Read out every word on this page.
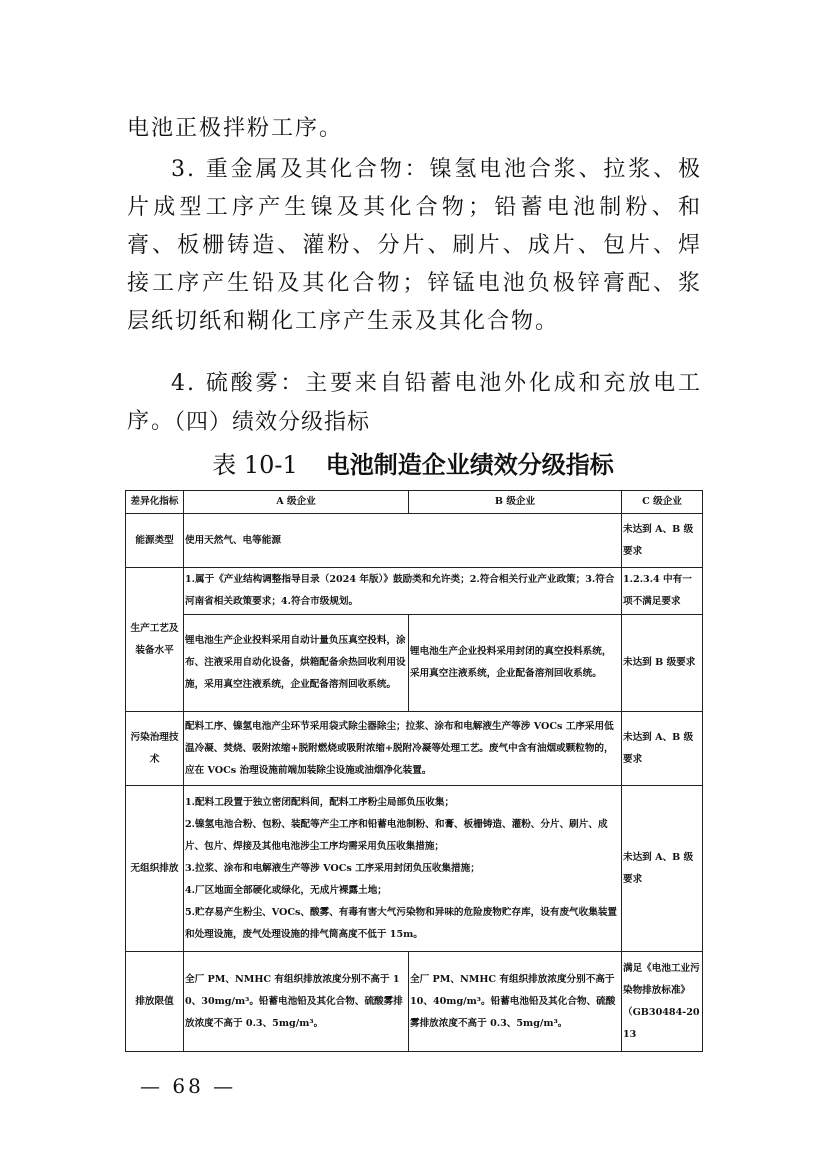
电池正极拌粉工序。

3. 重金属及其化合物：镍氢电池合浆、拉浆、极片成型工序产生镍及其化合物；铅蓄电池制粉、和膏、板栅铸造、灌粉、分片、刷片、成片、包片、焊接工序产生铅及其化合物；锌锰电池负极锌膏配、浆层纸切纸和糊化工序产生汞及其化合物。

4. 硫酸雾：主要来自铅蓄电池外化成和充放电工序。

（四）绩效分级指标
表 10-1 电池制造企业绩效分级指标
差异化指标	A 级企业	B 级企业	C 级企业
能源类型	使用天然气、电等能源		未达到 A、B 级要求
生产工艺及装备水平	1.属于《产业结构调整指导目录（2024 年版）》鼓励类和允许类；2.符合相关行业产业政策；3.符合河南省相关政策要求；4.符合市级规划。		1.2.3.4 中有一项不满足要求
	锂电池生产企业投料采用自动计量负压真空投料，涂布、注液采用自动化设备，烘箱配备余热回收利用设施，采用真空注液系统，企业配备溶剂回收系统。	锂电池生产企业投料采用封闭的真空投料系统，采用真空注液系统，企业配备溶剂回收系统。	未达到 B 级要求
污染治理技术	配料工序、镍氢电池产尘环节采用袋式除尘器除尘；拉浆、涂布和电解液生产等涉 VOCs 工序采用低温冷凝、焚烧、吸附浓缩+脱附燃烧或吸附浓缩+脱附冷凝等处理工艺。废气中含有油烟或颗粒物的，应在 VOCs 治理设施前端加装除尘设施或油烟净化装置。		未达到 A、B 级要求
无组织排放	1.配料工段置于独立密闭配料间，配料工序粉尘局部负压收集；
2.镍氢电池合粉、包粉、装配等产尘工序和铅蓄电池制粉、和膏、板栅铸造、灌粉、分片、刷片、成片、包片、焊接及其他电池涉尘工序均需采用负压收集措施；
3.拉浆、涂布和电解液生产等涉 VOCs 工序采用封闭负压收集措施；
4.厂区地面全部硬化或绿化，无成片裸露土地；
5.贮存易产生粉尘、VOCs、酸雾、有毒有害大气污染物和异味的危险废物贮存库，设有废气收集装置和处理设施，废气处理设施的排气筒高度不低于 15m。		未达到 A、B 级要求
排放限值	全厂 PM、NMHC 有组织排放浓度分别不高于 10、30mg/m³。铅蓄电池铅及其化合物、硫酸雾排放浓度不高于 0.3、5mg/m³。	全厂 PM、NMHC 有组织排放浓度分别不高于 10、40mg/m³。铅蓄电池铅及其化合物、硫酸雾排放浓度不高于 0.3、5mg/m³。	满足《电池工业污染物排放标准》（GB30484-2013
— 68 —
